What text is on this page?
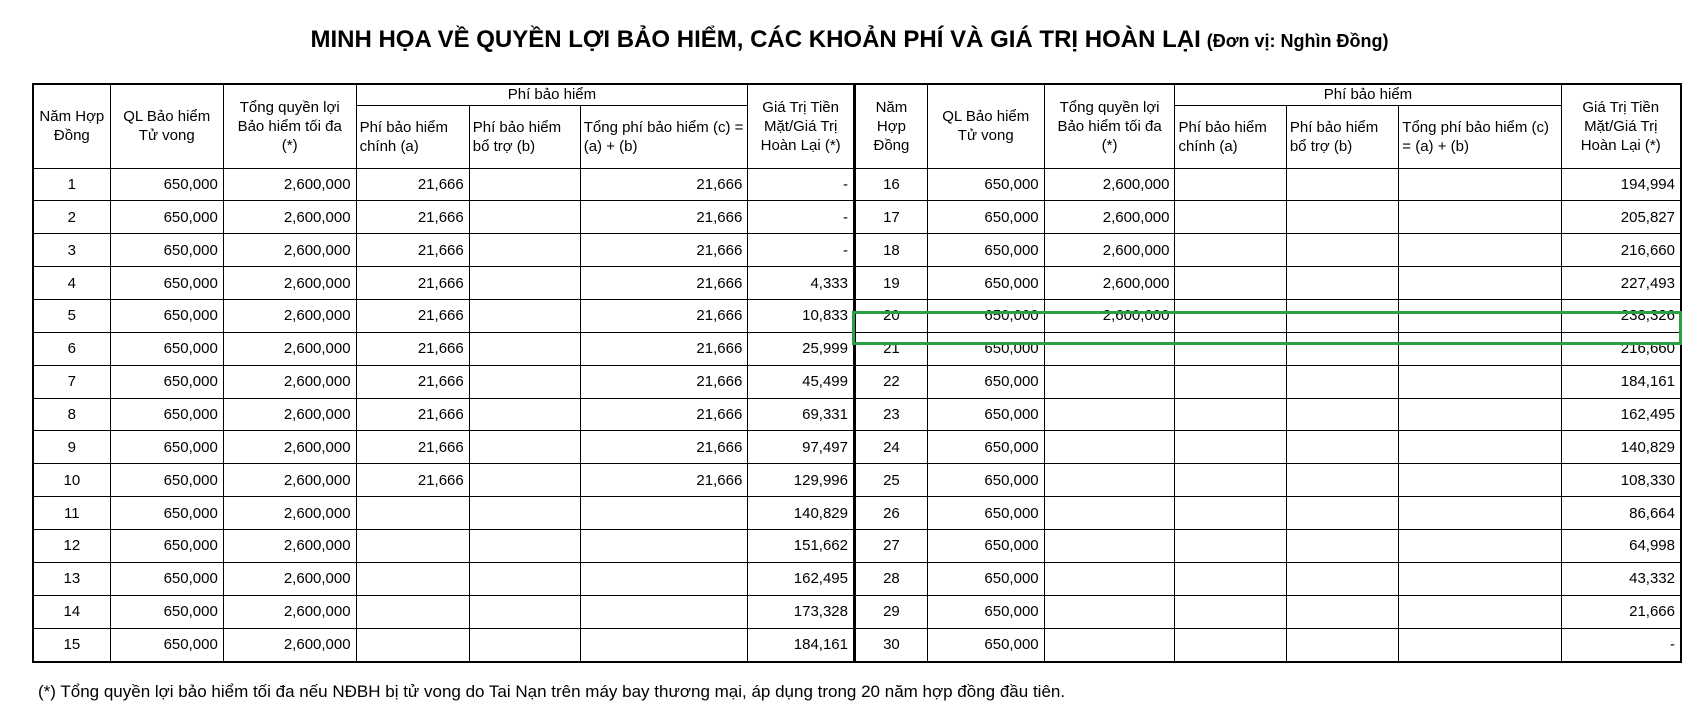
MINH HỌA VỀ QUYỀN LỢI BẢO HIỂM, CÁC KHOẢN PHÍ VÀ GIÁ TRỊ HOÀN LẠI (Đơn vị: Nghìn Đồng)
Năm Hợp Đồng	QL Bảo hiểm Tử vong	Tổng quyền lợi Bảo hiểm tối đa (*)	Phí bảo hiểm			Giá Trị Tiền Mặt/Giá Trị Hoàn Lại (*)
			Phí bảo hiểm chính (a)	Phí bảo hiểm bổ trợ (b)	Tổng phí bảo hiểm (c) = (a) + (b)	
1	650,000	2,600,000	21,666		21,666	-
2	650,000	2,600,000	21,666		21,666	-
3	650,000	2,600,000	21,666		21,666	-
4	650,000	2,600,000	21,666		21,666	4,333
5	650,000	2,600,000	21,666		21,666	10,833
6	650,000	2,600,000	21,666		21,666	25,999
7	650,000	2,600,000	21,666		21,666	45,499
8	650,000	2,600,000	21,666		21,666	69,331
9	650,000	2,600,000	21,666		21,666	97,497
10	650,000	2,600,000	21,666		21,666	129,996
11	650,000	2,600,000				140,829
12	650,000	2,600,000				151,662
13	650,000	2,600,000				162,495
14	650,000	2,600,000				173,328
15	650,000	2,600,000				184,161
Năm Hợp Đồng	QL Bảo hiểm Tử vong	Tổng quyền lợi Bảo hiểm tối đa (*)	Phí bảo hiểm			Giá Trị Tiền Mặt/Giá Trị Hoàn Lại (*)
			Phí bảo hiểm chính (a)	Phí bảo hiểm bổ trợ (b)	Tổng phí bảo hiểm (c) = (a) + (b)	
16	650,000	2,600,000				194,994
17	650,000	2,600,000				205,827
18	650,000	2,600,000				216,660
19	650,000	2,600,000				227,493
20	650,000	2,600,000				238,326
21	650,000					216,660
22	650,000					184,161
23	650,000					162,495
24	650,000					140,829
25	650,000					108,330
26	650,000					86,664
27	650,000					64,998
28	650,000					43,332
29	650,000					21,666
30	650,000					-
(*) Tổng quyền lợi bảo hiểm tối đa nếu NĐBH bị tử vong do Tai Nạn trên máy bay thương mại, áp dụng trong 20 năm hợp đồng đầu tiên.
